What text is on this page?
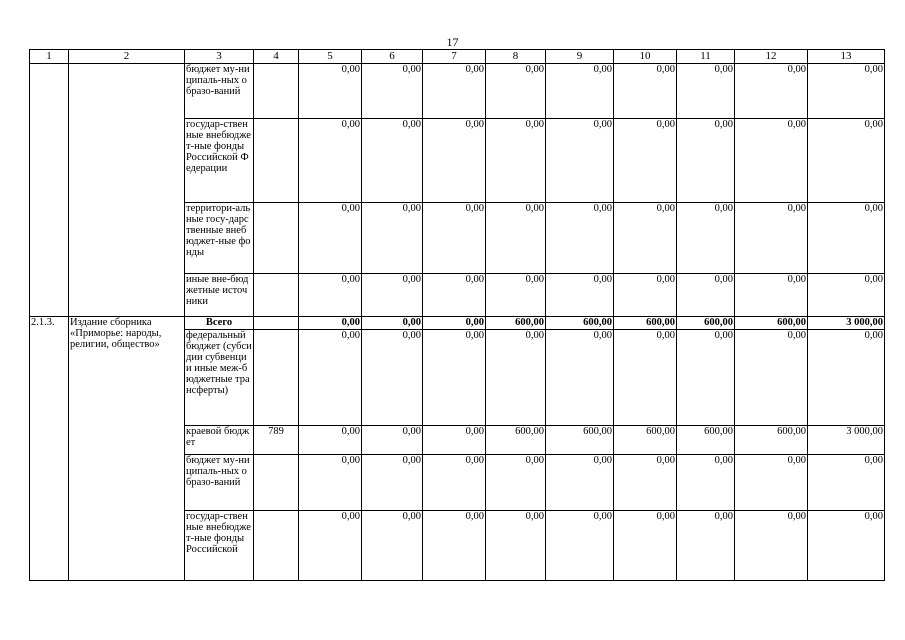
17
1	2	3	4	5	6	7	8	9	10	11	12	13
		бюджет му-ниципаль-ных образо-ваний		0,00	0,00	0,00	0,00	0,00	0,00	0,00	0,00	0,00
		государ-ственные внебюджет-ные фонды Российской Федерации		0,00	0,00	0,00	0,00	0,00	0,00	0,00	0,00	0,00
		территори-альные госу-дарственные внебюджет-ные фонды		0,00	0,00	0,00	0,00	0,00	0,00	0,00	0,00	0,00
		иные вне-бюджетные источники		0,00	0,00	0,00	0,00	0,00	0,00	0,00	0,00	0,00
2.1.3.	Издание сборника «Приморье: народы, религии, общество»	Всего		0,00	0,00	0,00	600,00	600,00	600,00	600,00	600,00	3 000,00
		федеральный бюджет (субсидии субвенции иные меж-бюджетные трансферты)		0,00	0,00	0,00	0,00	0,00	0,00	0,00	0,00	0,00
		краевой бюджет	789	0,00	0,00	0,00	600,00	600,00	600,00	600,00	600,00	3 000,00
		бюджет му-ниципаль-ных образо-ваний		0,00	0,00	0,00	0,00	0,00	0,00	0,00	0,00	0,00
		государ-ственные внебюджет-ные фонды Российской		0,00	0,00	0,00	0,00	0,00	0,00	0,00	0,00	0,00
